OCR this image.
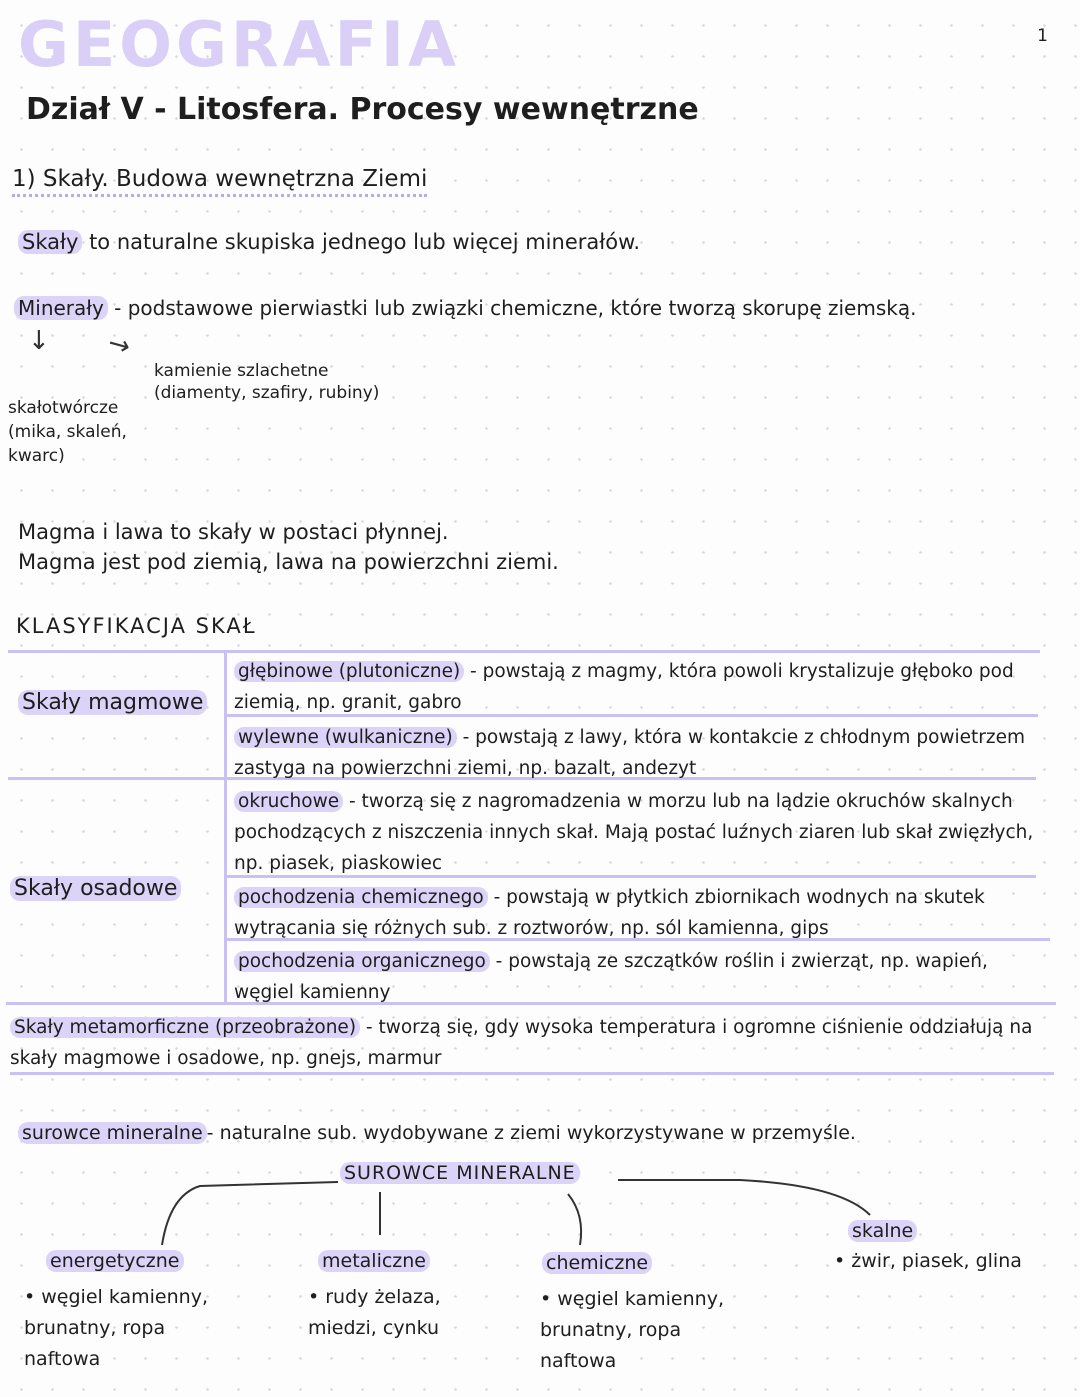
GEOGRAFIA	1
Dział V - Litosfera. Procesy wewnętrzne
1) Skały. Budowa wewnętrzna Ziemi
Skały to naturalne skupiska jednego lub więcej minerałów.
Minerały - podstawowe pierwiastki lub związki chemiczne, które tworzą skorupę ziemską.
↓ ↘
kamienie szlachetne
(diamenty, szafiry, rubiny)
skałotwórcze
(mika, skaleń, kwarc)
Magma i lawa to skały w postaci płynnej.
Magma jest pod ziemią, lawa na powierzchni ziemi.
KLASYFIKACJA SKAŁ
Skały magmowe
głębinowe (plutoniczne) - powstają z magmy, która powoli krystalizuje głęboko pod ziemią, np. granit, gabro
wylewne (wulkaniczne) - powstają z lawy, która w kontakcie z chłodnym powietrzem zastyga na powierzchni ziemi, np. bazalt, andezyt
Skały osadowe
okruchowe - tworzą się z nagromadzenia w morzu lub na lądzie okruchów skalnych pochodzących z niszczenia innych skał. Mają postać luźnych ziaren lub skał zwięzłych, np. piasek, piaskowiec
pochodzenia chemicznego - powstają w płytkich zbiornikach wodnych na skutek wytrącania się różnych sub. z roztworów, np. sól kamienna, gips
pochodzenia organicznego - powstają ze szczątków roślin i zwierząt, np. wapień, węgiel kamienny
Skały metamorficzne (przeobrażone) - tworzą się, gdy wysoka temperatura i ogromne ciśnienie oddziałują na skały magmowe i osadowe, np. gnejs, marmur
surowce mineralne - naturalne sub. wydobywane z ziemi wykorzystywane w przemyśle.
SUROWCE MINERALNE
energetyczne
• węgiel kamienny, brunatny, ropa naftowa
metaliczne
• rudy żelaza, miedzi, cynku
chemiczne
• węgiel kamienny, brunatny, ropa naftowa
skalne
• żwir, piasek, glina
